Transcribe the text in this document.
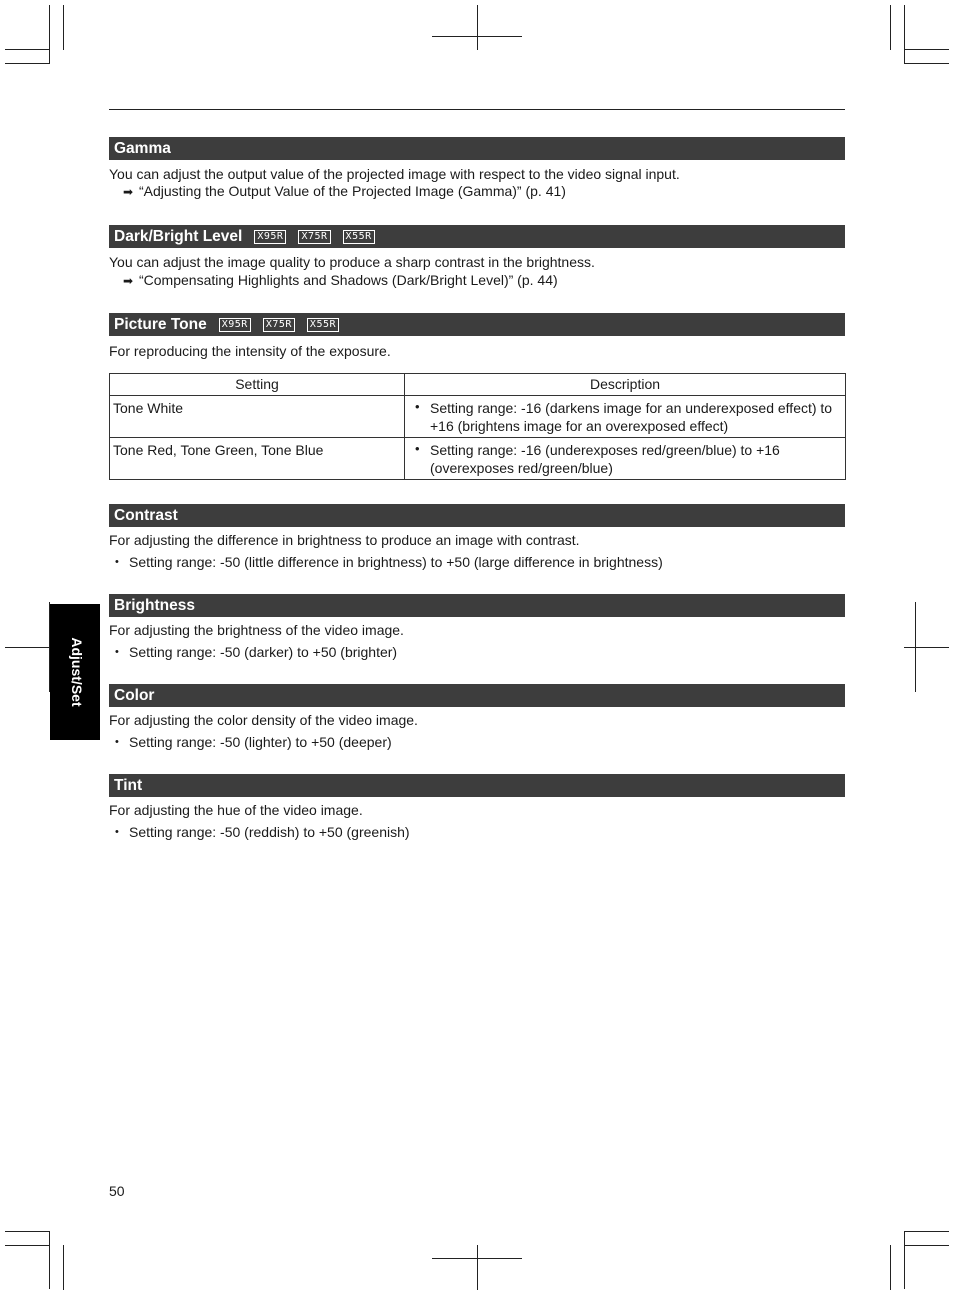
Gamma
You can adjust the output value of the projected image with respect to the video signal input.
➡ “Adjusting the Output Value of the Projected Image (Gamma)” (p. 41)
Dark/Bright Level	X95R	X75R	X55R
You can adjust the image quality to produce a sharp contrast in the brightness.
➡ “Compensating Highlights and Shadows (Dark/Bright Level)” (p. 44)
Picture Tone	X95R	X75R	X55R
For reproducing the intensity of the exposure.
Setting	Description
Tone White	• Setting range: -16 (darkens image for an underexposed effect) to +16 (brightens image for an overexposed effect)

Tone Red, Tone Green, Tone Blue	• Setting range: -16 (underexposes red/green/blue) to +16 (overexposes red/green/blue)
Contrast
For adjusting the difference in brightness to produce an image with contrast.
• Setting range: -50 (little difference in brightness) to +50 (large difference in brightness)
Brightness
For adjusting the brightness of the video image.
• Setting range: -50 (darker) to +50 (brighter)
Color
For adjusting the color density of the video image.
• Setting range: -50 (lighter) to +50 (deeper)
Tint
For adjusting the hue of the video image.
• Setting range: -50 (reddish) to +50 (greenish)
Adjust/Set
50
